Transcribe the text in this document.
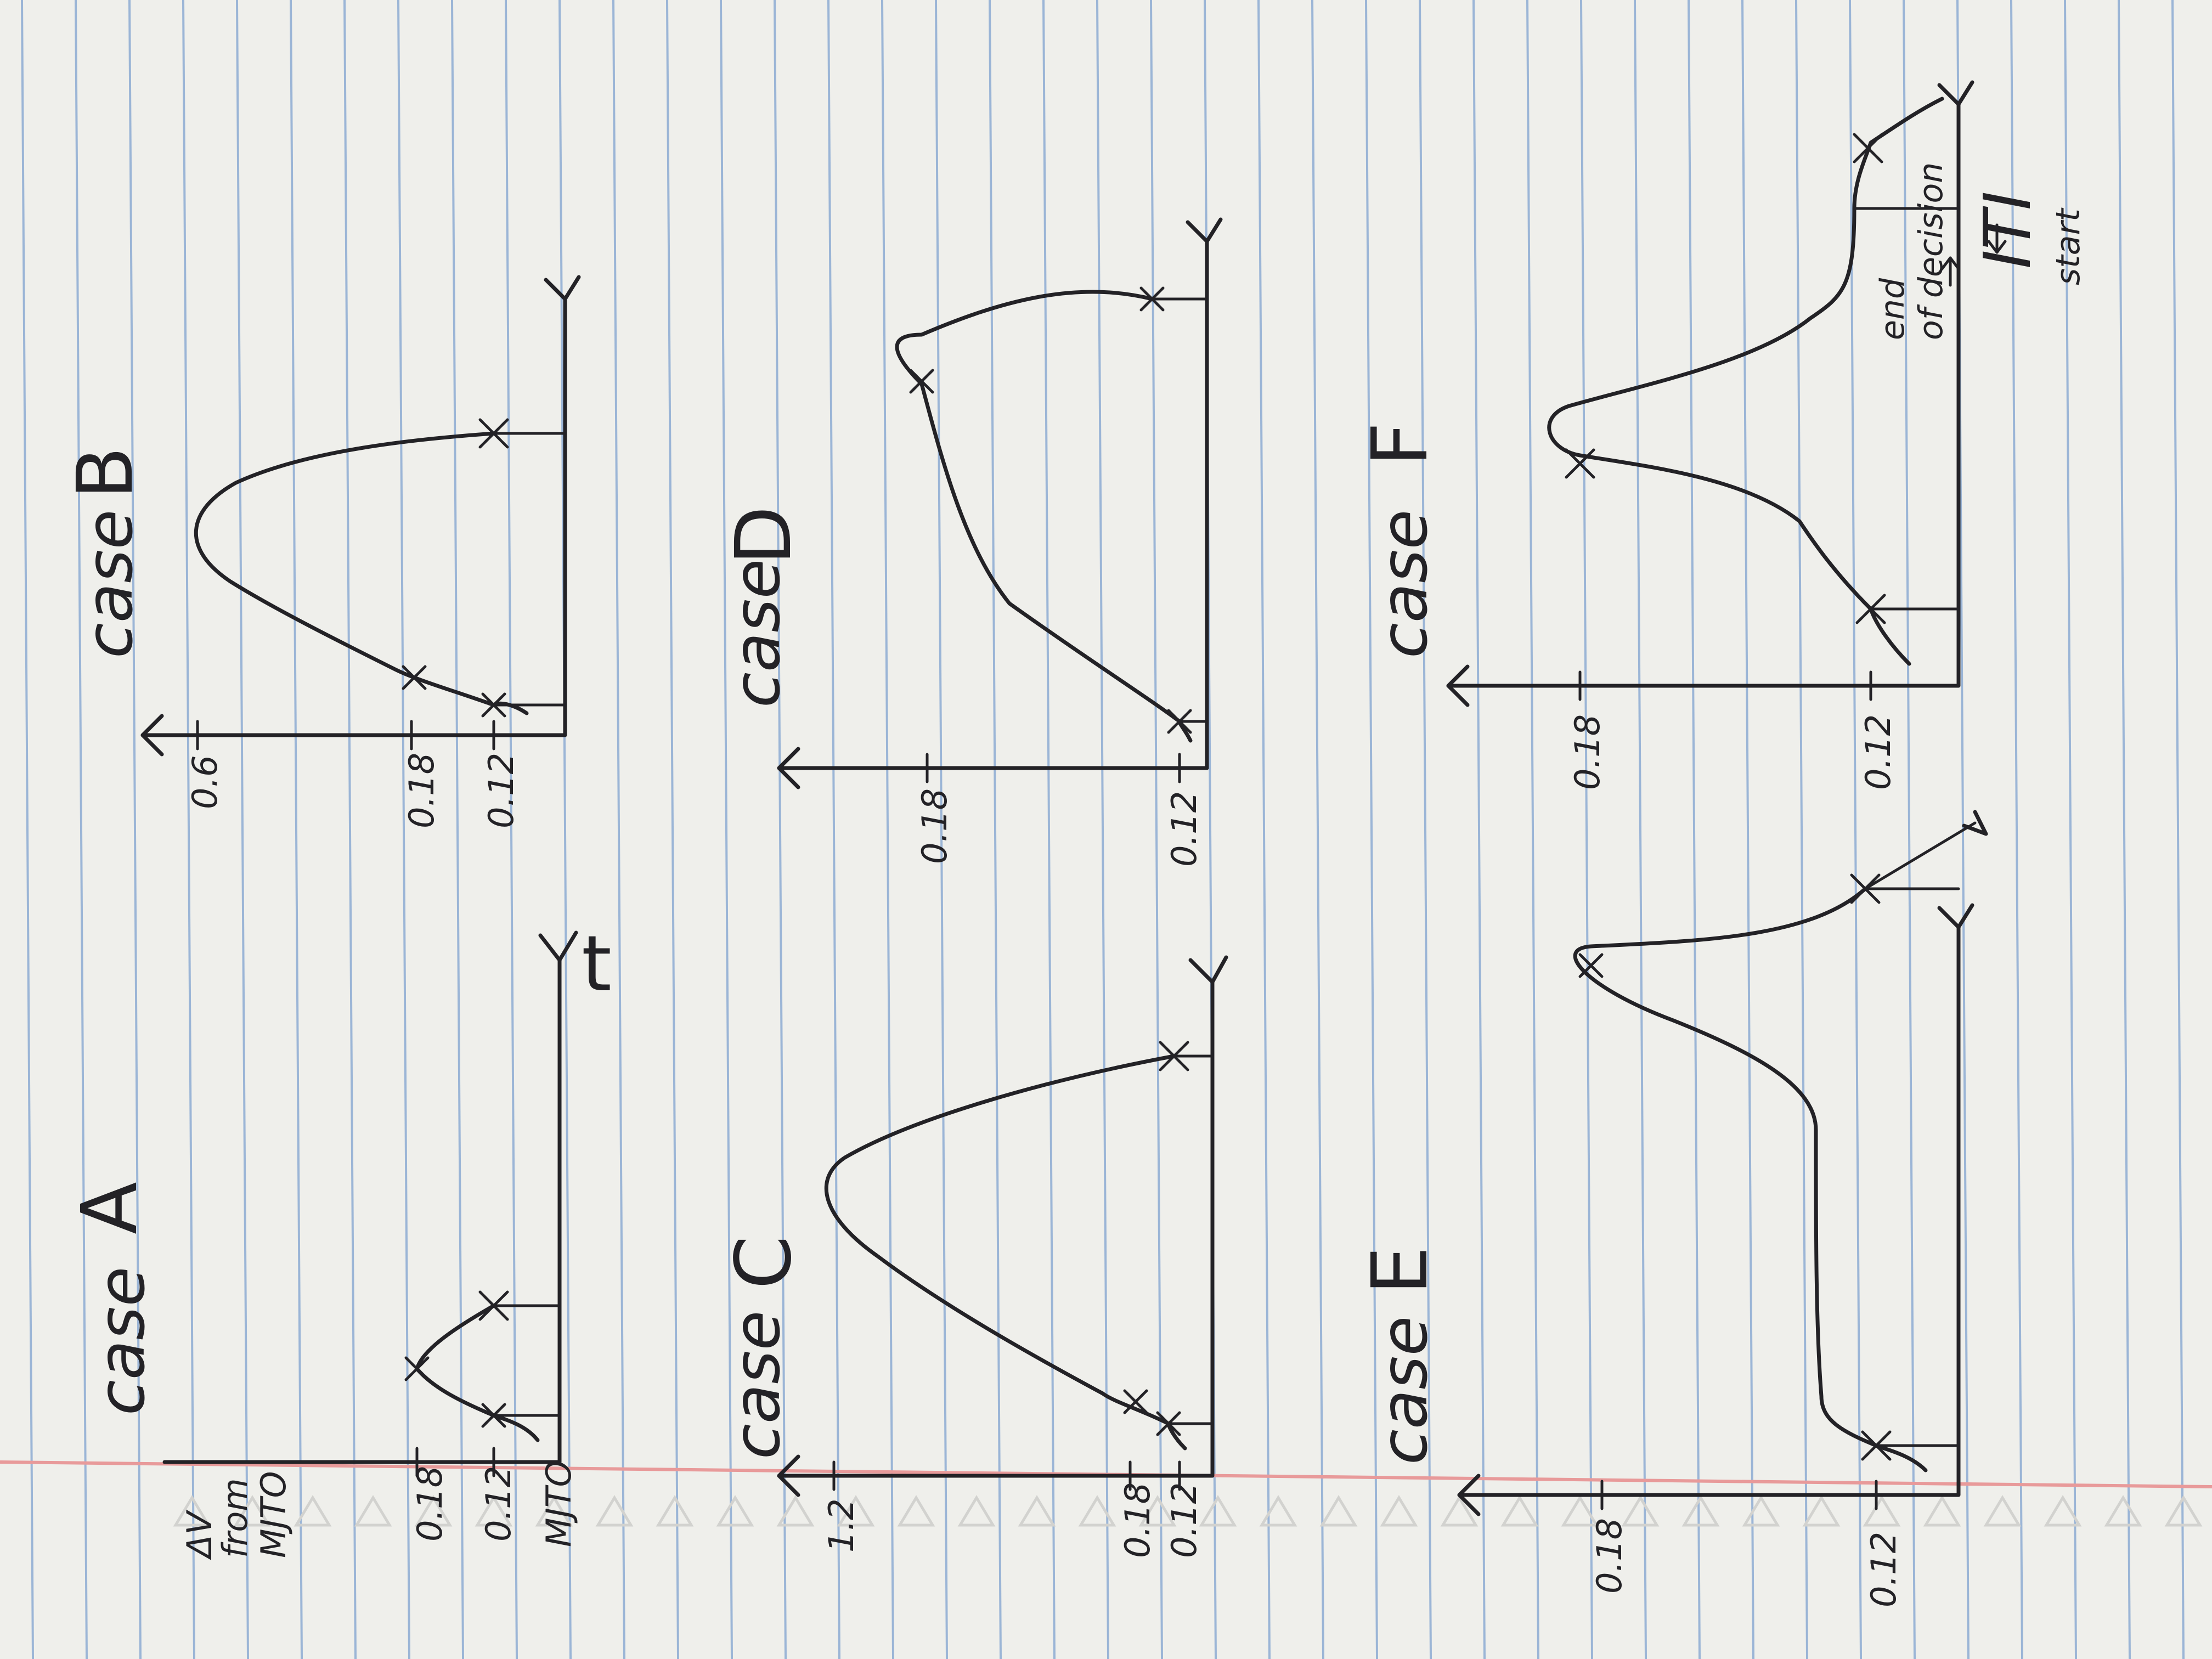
case
A
0.18 0.12 MJTO
ΔV
from
MJTO
t
case
B
0.6	0.18 0.12
case
C
1.2	0.18 0.12
case
D
0.18	0.12
case
E
0.18	0.12
case
F
0.18	0.12
end of decision ITI start
